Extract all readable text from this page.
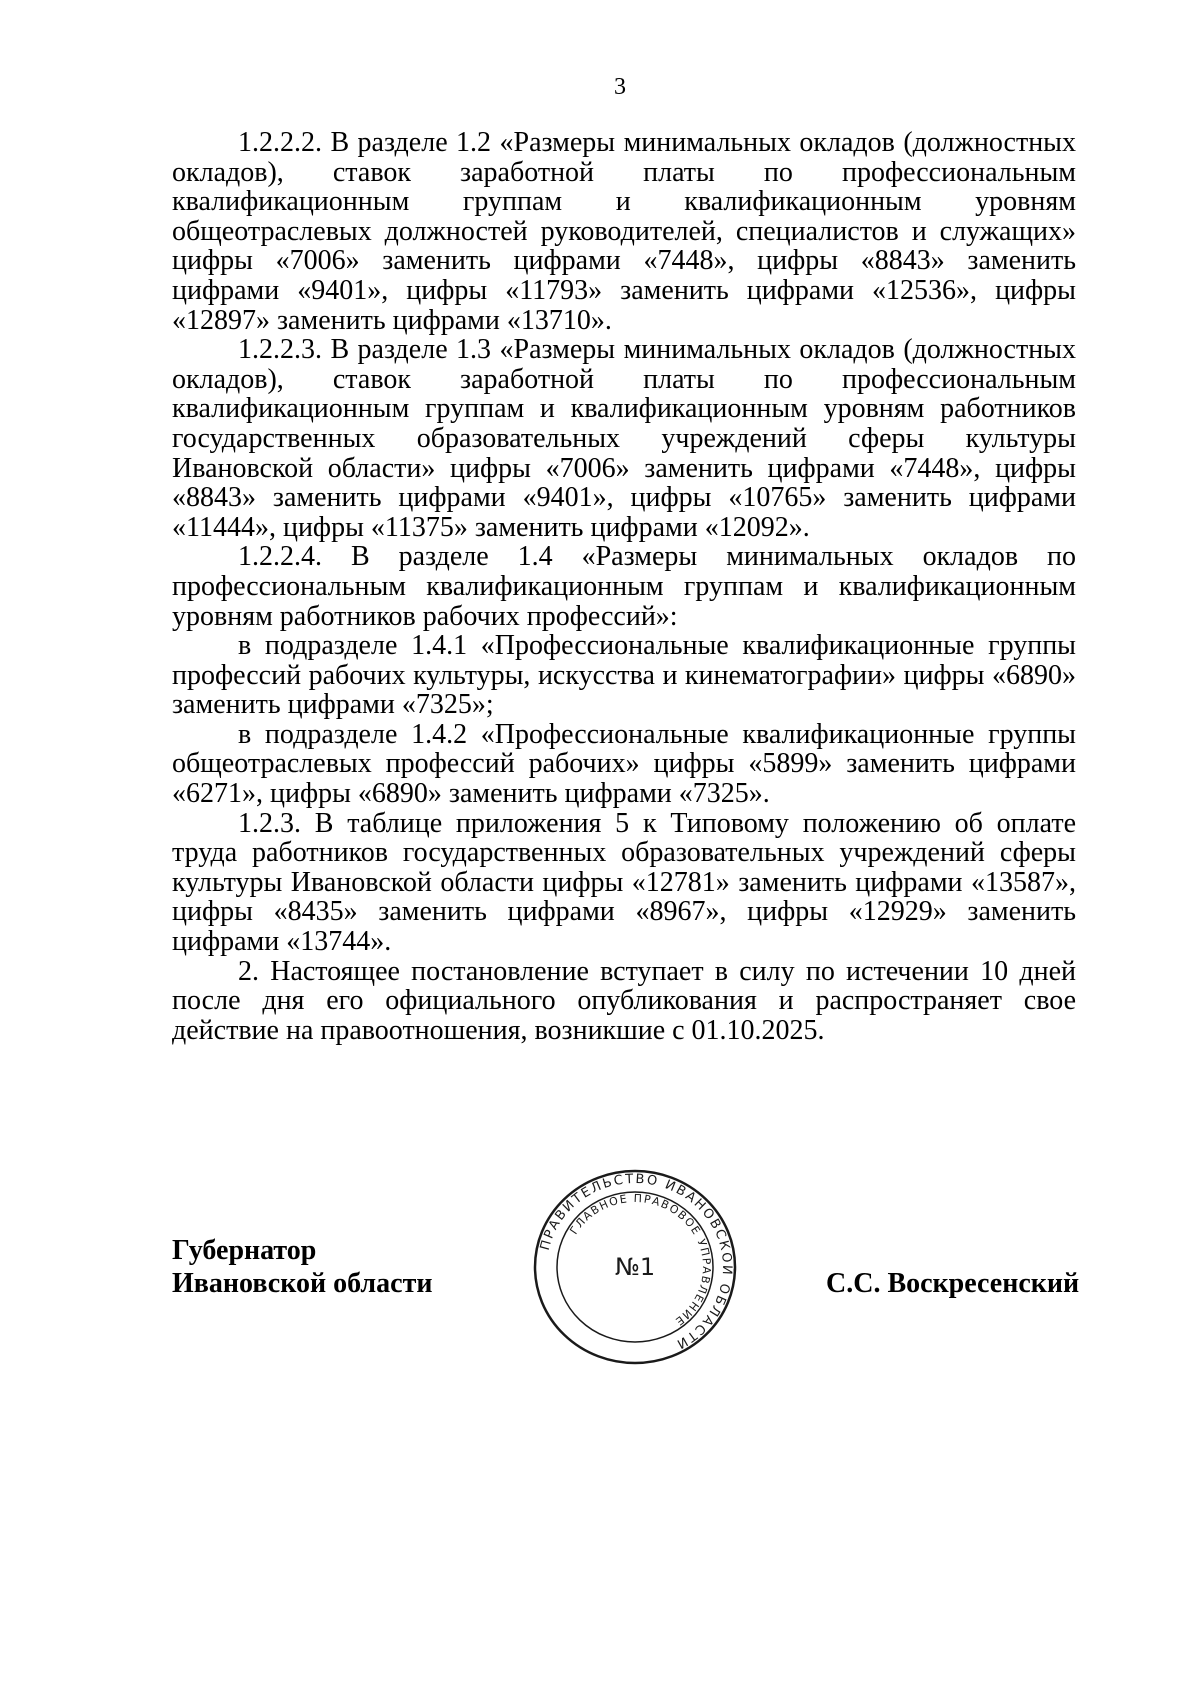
3

1.2.2.2. В разделе 1.2 «Размеры минимальных окладов (должностных окладов), ставок заработной платы по профессиональным квалификационным группам и квалификационным уровням общеотраслевых должностей руководителей, специалистов и служащих» цифры «7006» заменить цифрами «7448», цифры «8843» заменить цифрами «9401», цифры «11793» заменить цифрами «12536», цифры «12897» заменить цифрами «13710».

1.2.2.3. В разделе 1.3 «Размеры минимальных окладов (должностных окладов), ставок заработной платы по профессиональным квалификационным группам и квалификационным уровням работников государственных образовательных учреждений сферы культуры Ивановской области» цифры «7006» заменить цифрами «7448», цифры «8843» заменить цифрами «9401», цифры «10765» заменить цифрами «11444», цифры «11375» заменить цифрами «12092».

1.2.2.4. В разделе 1.4 «Размеры минимальных окладов по профессиональным квалификационным группам и квалификационным уровням работников рабочих профессий»:

в подразделе 1.4.1 «Профессиональные квалификационные группы профессий рабочих культуры, искусства и кинематографии» цифры «6890» заменить цифрами «7325»;

в подразделе 1.4.2 «Профессиональные квалификационные группы общеотраслевых профессий рабочих» цифры «5899» заменить цифрами «6271», цифры «6890» заменить цифрами «7325».

1.2.3. В таблице приложения 5 к Типовому положению об оплате труда работников государственных образовательных учреждений сферы культуры Ивановской области цифры «12781» заменить цифрами «13587», цифры «8435» заменить цифрами «8967», цифры «12929» заменить цифрами «13744».

2. Настоящее постановление вступает в силу по истечении 10 дней после дня его официального опубликования и распространяет свое действие на правоотношения, возникшие с 01.10.2025.

Губернатор
Ивановской области	С.С. Воскресенский
ПРАВИТЕЛЬСТВО ИВАНОВСКОЙ ОБЛАСТИ
ГЛАВНОЕ ПРАВОВОЕ УПРАВЛЕНИЕ
№1
